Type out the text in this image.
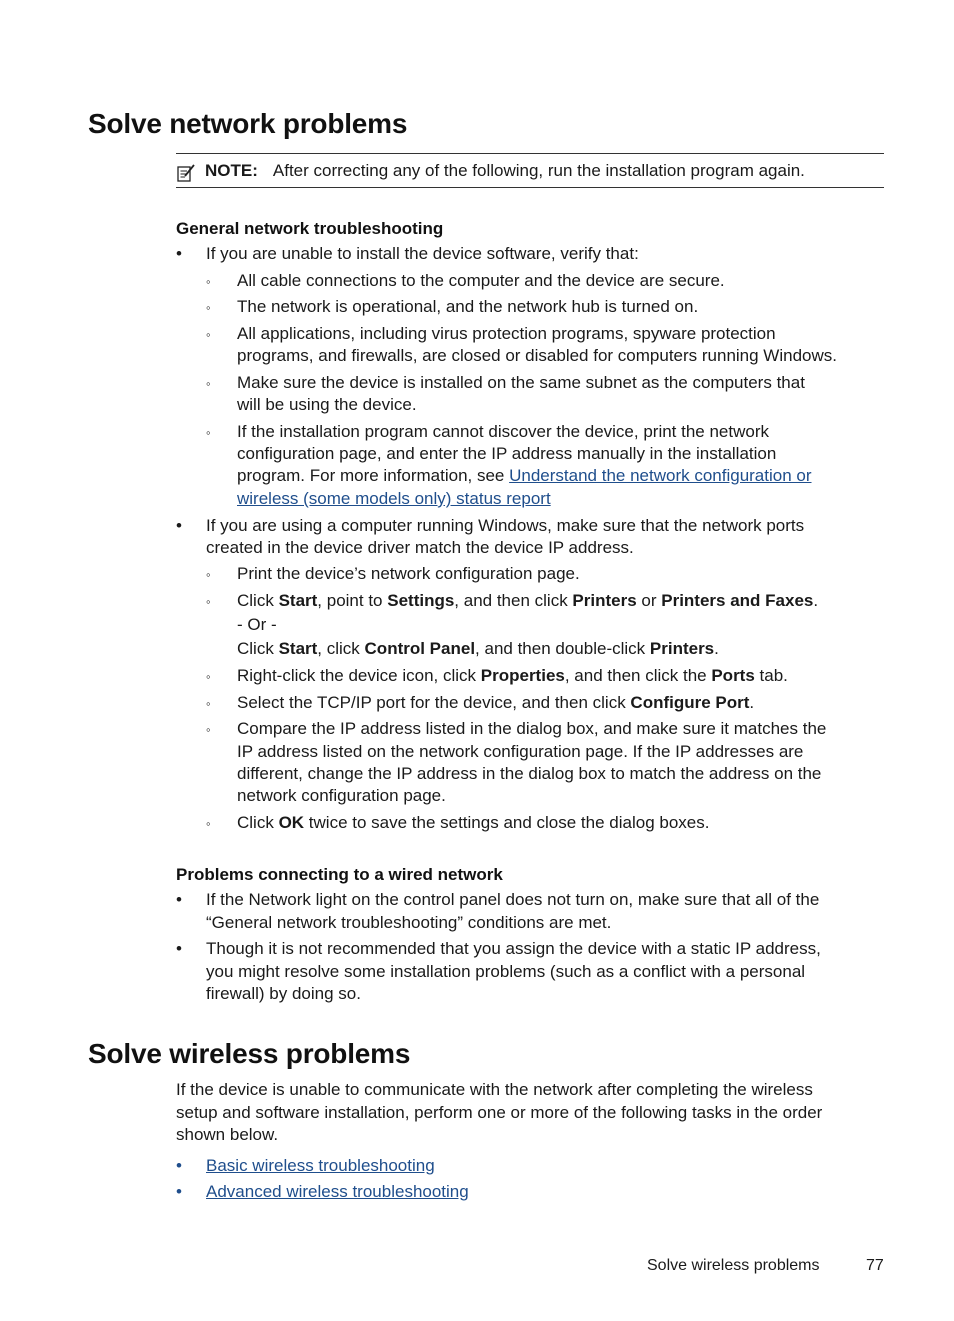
Solve network problems
NOTE: After correcting any of the following, run the installation program again.
General network troubleshooting
• If you are unable to install the device software, verify that:
◦ All cable connections to the computer and the device are secure.
◦ The network is operational, and the network hub is turned on.
◦ All applications, including virus protection programs, spyware protection
programs, and firewalls, are closed or disabled for computers running Windows.
◦ Make sure the device is installed on the same subnet as the computers that
will be using the device.
◦ If the installation program cannot discover the device, print the network
configuration page, and enter the IP address manually in the installation
program. For more information, see Understand the network configuration or
wireless (some models only) status report
• If you are using a computer running Windows, make sure that the network ports
created in the device driver match the device IP address.
◦ Print the device’s network configuration page.
◦ Click Start, point to Settings, and then click Printers or Printers and Faxes.
- Or -
Click Start, click Control Panel, and then double-click Printers.
◦ Right-click the device icon, click Properties, and then click the Ports tab.
◦ Select the TCP/IP port for the device, and then click Configure Port.
◦ Compare the IP address listed in the dialog box, and make sure it matches the
IP address listed on the network configuration page. If the IP addresses are
different, change the IP address in the dialog box to match the address on the
network configuration page.
◦ Click OK twice to save the settings and close the dialog boxes.
Problems connecting to a wired network
• If the Network light on the control panel does not turn on, make sure that all of the
“General network troubleshooting” conditions are met.
• Though it is not recommended that you assign the device with a static IP address,
you might resolve some installation problems (such as a conflict with a personal
firewall) by doing so.
Solve wireless problems
If the device is unable to communicate with the network after completing the wireless
setup and software installation, perform one or more of the following tasks in the order
shown below.
• Basic wireless troubleshooting
• Advanced wireless troubleshooting
Solve wireless problems	77
